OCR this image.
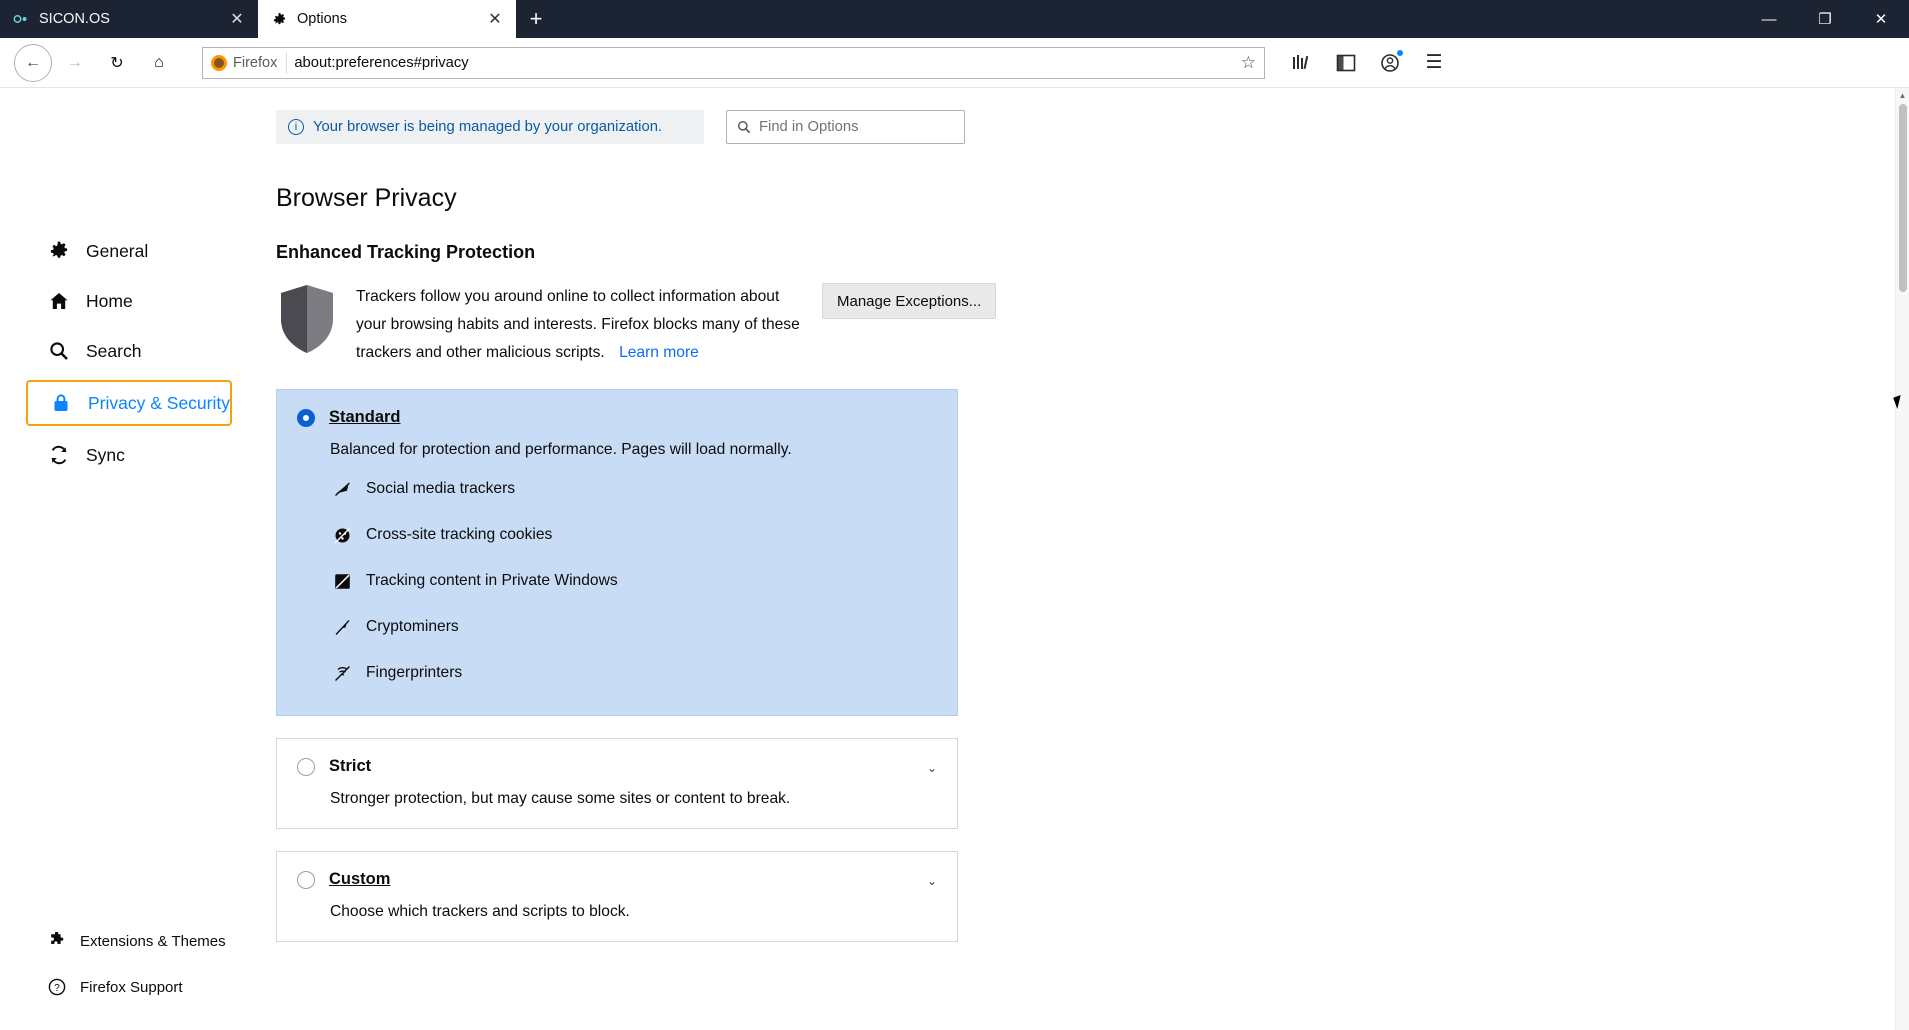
SICON.OS	✕	Options	✕	+	—	❐	✕
←	→	↻	⌂	Firefox about:preferences#privacy	☆	☰
General
Home
Search
Privacy & Security
Sync
Extensions & Themes
? Firefox Support
i	Your browser is being managed by your organization.	Find in Options
Browser Privacy
Enhanced Tracking Protection
Trackers follow you around online to collect information about your browsing habits and interests. Firefox blocks many of these trackers and other malicious scripts. Learn more
Manage Exceptions...
Standard
Balanced for protection and performance. Pages will load normally.
Social media trackers
Cross-site tracking cookies
Tracking content in Private Windows
Cryptominers
Fingerprinters
Strict
Stronger protection, but may cause some sites or content to break.
⌄
Custom
Choose which trackers and scripts to block.
⌄
▲
